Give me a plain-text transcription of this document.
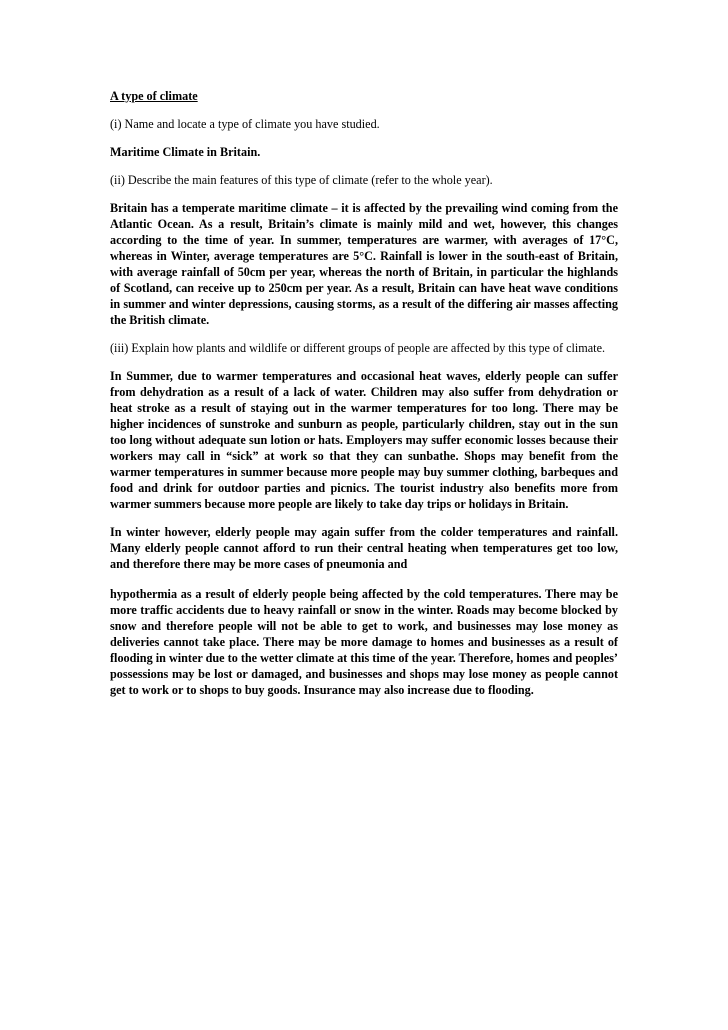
A type of climate
(i) Name and locate a type of climate you have studied.
Maritime Climate in Britain.
(ii) Describe the main features of this type of climate (refer to the whole year).
Britain has a temperate maritime climate – it is affected by the prevailing wind coming from the Atlantic Ocean. As a result, Britain’s climate is mainly mild and wet, however, this changes according to the time of year. In summer, temperatures are warmer, with averages of 17°C, whereas in Winter, average temperatures are 5°C. Rainfall is lower in the south-east of Britain, with average rainfall of 50cm per year, whereas the north of Britain, in particular the highlands of Scotland, can receive up to 250cm per year. As a result, Britain can have heat wave conditions in summer and winter depressions, causing storms, as a result of the differing air masses affecting the British climate.
(iii) Explain how plants and wildlife or different groups of people are affected by this type of climate.
In Summer, due to warmer temperatures and occasional heat waves, elderly people can suffer from dehydration as a result of a lack of water. Children may also suffer from dehydration or heat stroke as a result of staying out in the warmer temperatures for too long. There may be higher incidences of sunstroke and sunburn as people, particularly children, stay out in the sun too long without adequate sun lotion or hats. Employers may suffer economic losses because their workers may call in “sick” at work so that they can sunbathe. Shops may benefit from the warmer temperatures in summer because more people may buy summer clothing, barbeques and food and drink for outdoor parties and picnics. The tourist industry also benefits more from warmer summers because more people are likely to take day trips or holidays in Britain.
In winter however, elderly people may again suffer from the colder temperatures and rainfall. Many elderly people cannot afford to run their central heating when temperatures get too low, and therefore there may be more cases of pneumonia and
hypothermia as a result of elderly people being affected by the cold temperatures. There may be more traffic accidents due to heavy rainfall or snow in the winter. Roads may become blocked by snow and therefore people will not be able to get to work, and businesses may lose money as deliveries cannot take place. There may be more damage to homes and businesses as a result of flooding in winter due to the wetter climate at this time of the year. Therefore, homes and peoples’ possessions may be lost or damaged, and businesses and shops may lose money as people cannot get to work or to shops to buy goods. Insurance may also increase due to flooding.
